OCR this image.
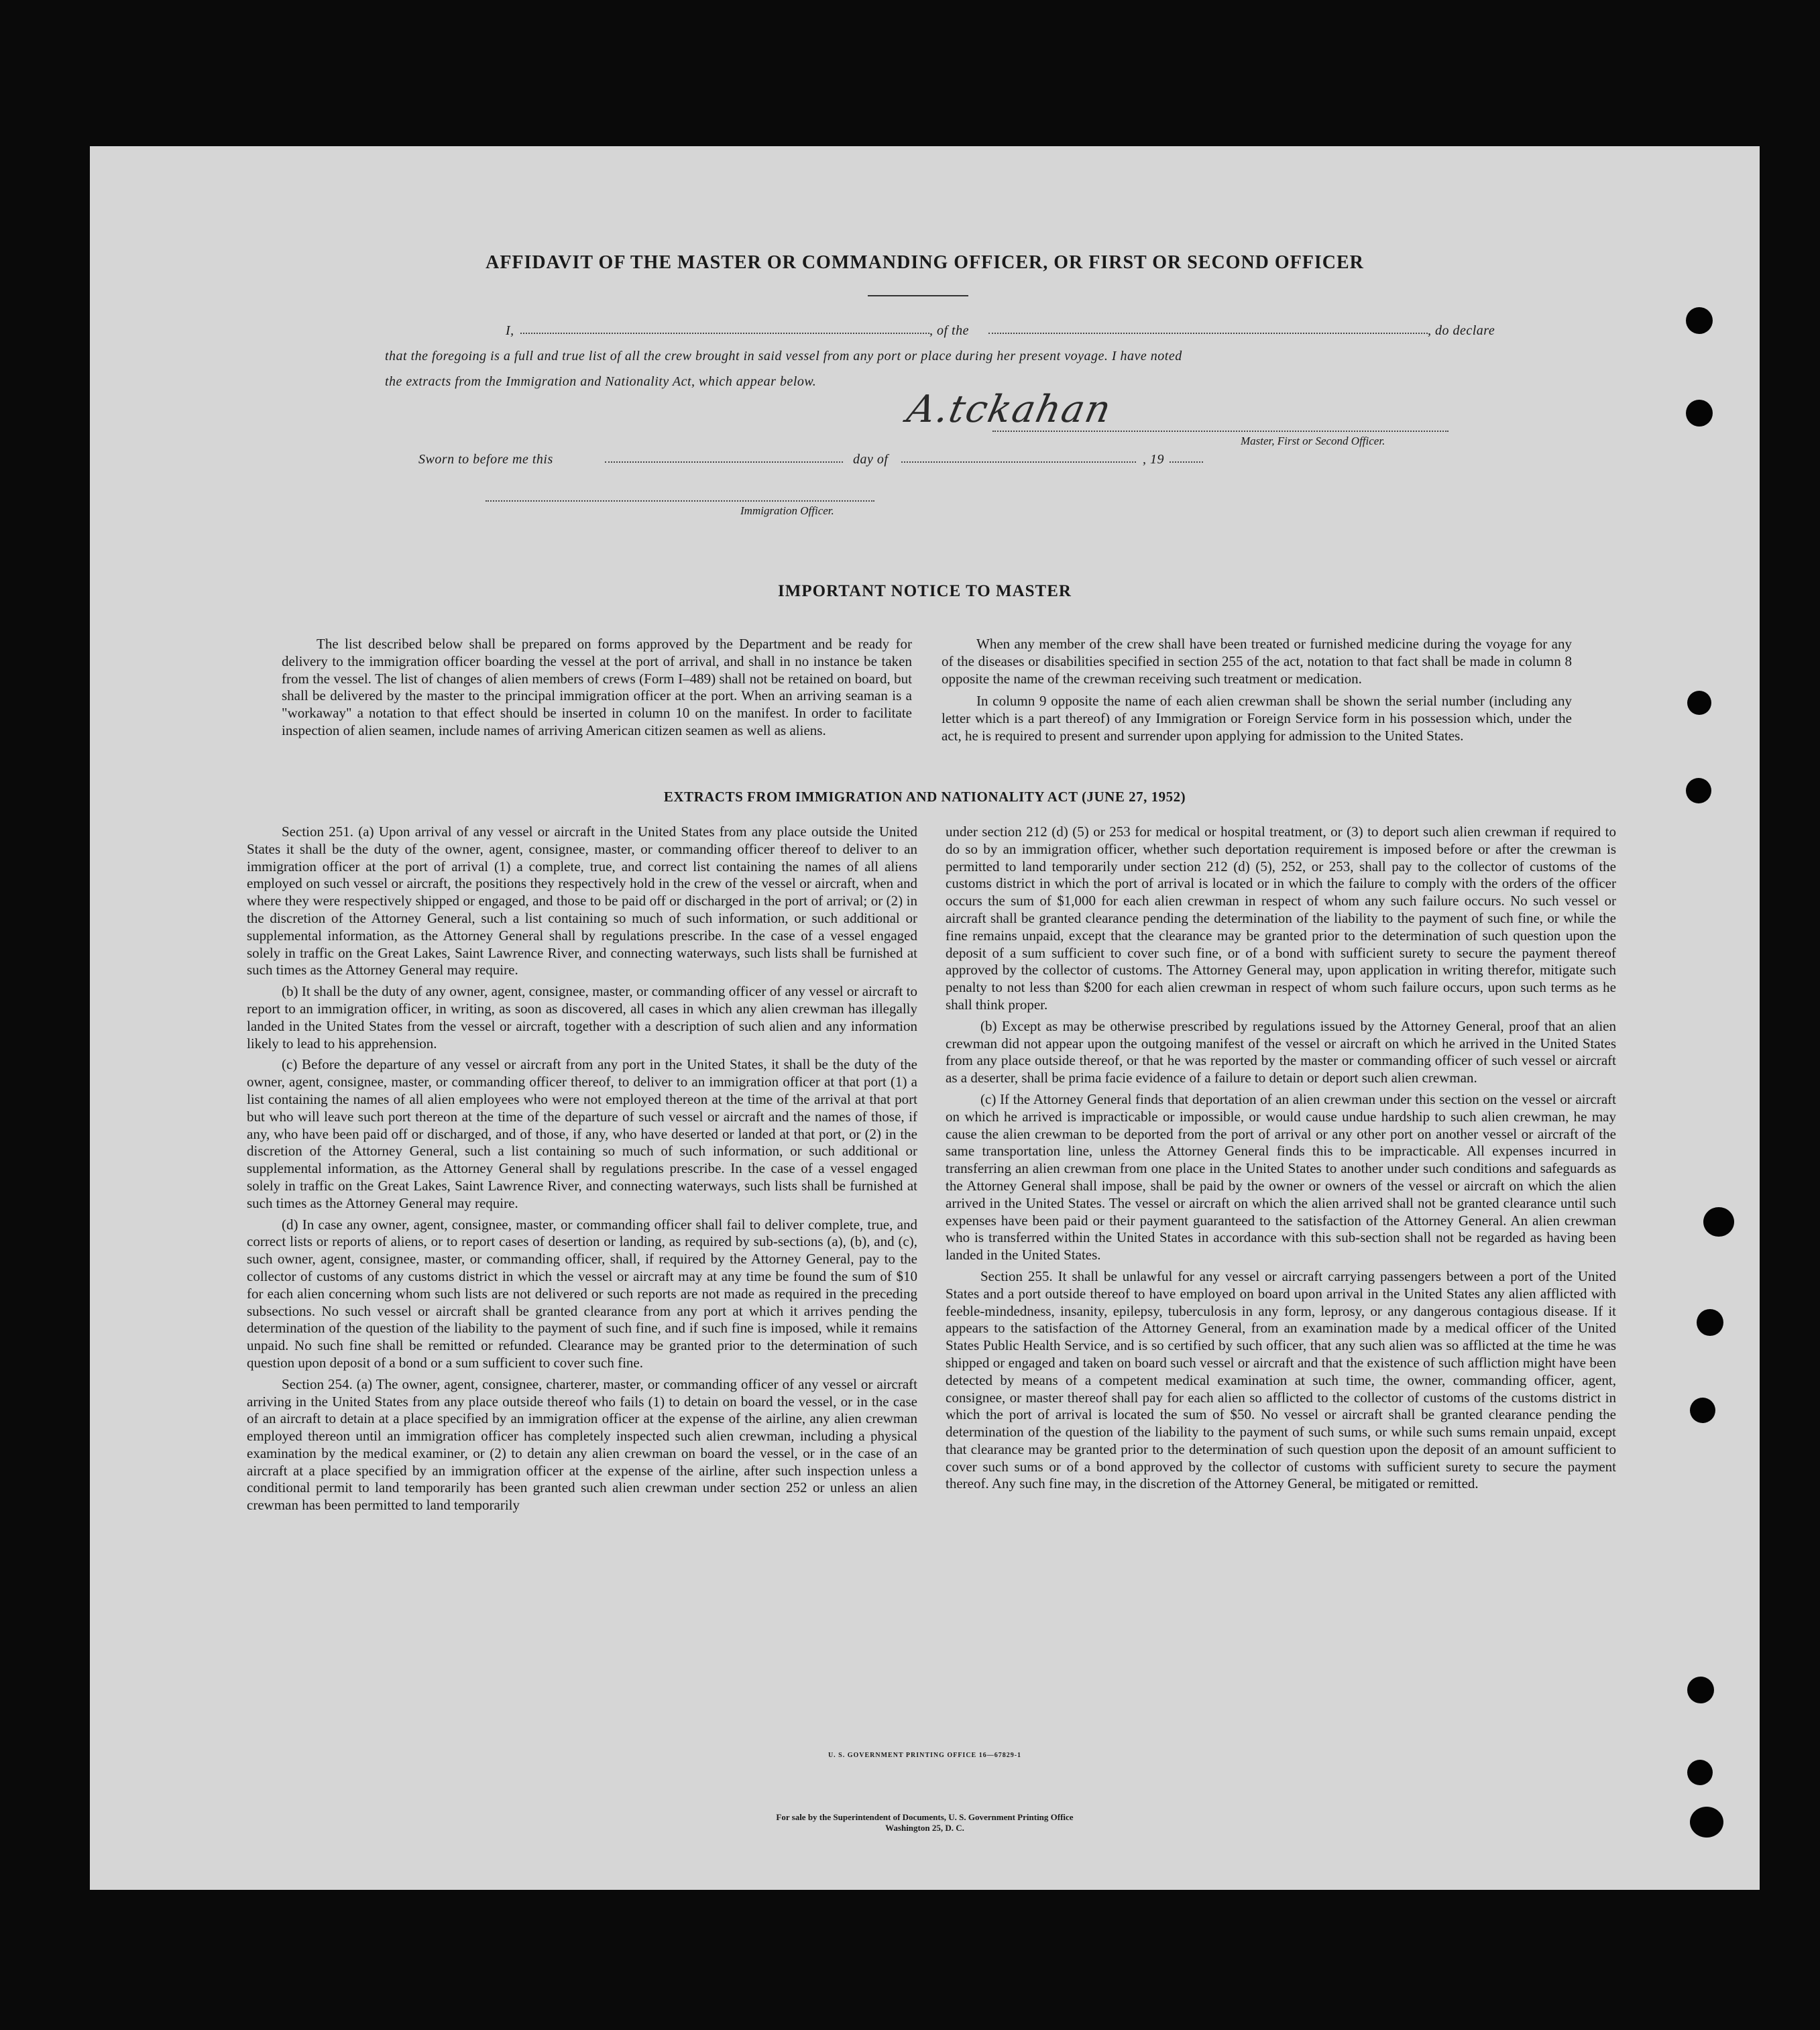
AFFIDAVIT OF THE MASTER OR COMMANDING OFFICER, OR FIRST OR SECOND OFFICER
I,	, of the	, do declare
that the foregoing is a full and true list of all the crew brought in said vessel from any port or place during her present voyage. I have noted
the extracts from the Immigration and Nationality Act, which appear below.
A.tckahan
Master, First or Second Officer.
Sworn to before me this	day of	, 19
Immigration Officer.
IMPORTANT NOTICE TO MASTER

The list described below shall be prepared on forms approved by the Department and be ready for delivery to the immigration officer boarding the vessel at the port of arrival, and shall in no instance be taken from the vessel. The list of changes of alien members of crews (Form I–489) shall not be retained on board, but shall be delivered by the master to the principal immigration officer at the port. When an arriving seaman is a "workaway" a notation to that effect should be inserted in column 10 on the manifest. In order to facilitate inspection of alien seamen, include names of arriving American citizen seamen as well as aliens.

When any member of the crew shall have been treated or furnished medicine during the voyage for any of the diseases or disabilities specified in section 255 of the act, notation to that fact shall be made in column 8 opposite the name of the crewman receiving such treatment or medication.

In column 9 opposite the name of each alien crewman shall be shown the serial number (including any letter which is a part thereof) of any Immigration or Foreign Service form in his possession which, under the act, he is required to present and surrender upon applying for admission to the United States.

EXTRACTS FROM IMMIGRATION AND NATIONALITY ACT (JUNE 27, 1952)

Section 251. (a) Upon arrival of any vessel or aircraft in the United States from any place outside the United States it shall be the duty of the owner, agent, consignee, master, or commanding officer thereof to deliver to an immigration officer at the port of arrival (1) a complete, true, and correct list containing the names of all aliens employed on such vessel or aircraft, the positions they respectively hold in the crew of the vessel or aircraft, when and where they were respectively shipped or engaged, and those to be paid off or discharged in the port of arrival; or (2) in the discretion of the Attorney General, such a list containing so much of such information, or such additional or supplemental information, as the Attorney General shall by regulations prescribe. In the case of a vessel engaged solely in traffic on the Great Lakes, Saint Lawrence River, and connecting waterways, such lists shall be furnished at such times as the Attorney General may require.

(b) It shall be the duty of any owner, agent, consignee, master, or commanding officer of any vessel or aircraft to report to an immigration officer, in writing, as soon as discovered, all cases in which any alien crewman has illegally landed in the United States from the vessel or aircraft, together with a description of such alien and any information likely to lead to his apprehension.

(c) Before the departure of any vessel or aircraft from any port in the United States, it shall be the duty of the owner, agent, consignee, master, or commanding officer thereof, to deliver to an immigration officer at that port (1) a list containing the names of all alien employees who were not employed thereon at the time of the arrival at that port but who will leave such port thereon at the time of the departure of such vessel or aircraft and the names of those, if any, who have been paid off or discharged, and of those, if any, who have deserted or landed at that port, or (2) in the discretion of the Attorney General, such a list containing so much of such information, or such additional or supplemental information, as the Attorney General shall by regulations prescribe. In the case of a vessel engaged solely in traffic on the Great Lakes, Saint Lawrence River, and connecting waterways, such lists shall be furnished at such times as the Attorney General may require.

(d) In case any owner, agent, consignee, master, or commanding officer shall fail to deliver complete, true, and correct lists or reports of aliens, or to report cases of desertion or landing, as required by sub-sections (a), (b), and (c), such owner, agent, consignee, master, or commanding officer, shall, if required by the Attorney General, pay to the collector of customs of any customs district in which the vessel or aircraft may at any time be found the sum of $10 for each alien concerning whom such lists are not delivered or such reports are not made as required in the preceding subsections. No such vessel or aircraft shall be granted clearance from any port at which it arrives pending the determination of the question of the liability to the payment of such fine, and if such fine is imposed, while it remains unpaid. No such fine shall be remitted or refunded. Clearance may be granted prior to the determination of such question upon deposit of a bond or a sum sufficient to cover such fine.

Section 254. (a) The owner, agent, consignee, charterer, master, or commanding officer of any vessel or aircraft arriving in the United States from any place outside thereof who fails (1) to detain on board the vessel, or in the case of an aircraft to detain at a place specified by an immigration officer at the expense of the airline, any alien crewman employed thereon until an immigration officer has completely inspected such alien crewman, including a physical examination by the medical examiner, or (2) to detain any alien crewman on board the vessel, or in the case of an aircraft at a place specified by an immigration officer at the expense of the airline, after such inspection unless a conditional permit to land temporarily has been granted such alien crewman under section 252 or unless an alien crewman has been permitted to land temporarily

under section 212 (d) (5) or 253 for medical or hospital treatment, or (3) to deport such alien crewman if required to do so by an immigration officer, whether such deportation requirement is imposed before or after the crewman is permitted to land temporarily under section 212 (d) (5), 252, or 253, shall pay to the collector of customs of the customs district in which the port of arrival is located or in which the failure to comply with the orders of the officer occurs the sum of $1,000 for each alien crewman in respect of whom any such failure occurs. No such vessel or aircraft shall be granted clearance pending the determination of the liability to the payment of such fine, or while the fine remains unpaid, except that the clearance may be granted prior to the determination of such question upon the deposit of a sum sufficient to cover such fine, or of a bond with sufficient surety to secure the payment thereof approved by the collector of customs. The Attorney General may, upon application in writing therefor, mitigate such penalty to not less than $200 for each alien crewman in respect of whom such failure occurs, upon such terms as he shall think proper.

(b) Except as may be otherwise prescribed by regulations issued by the Attorney General, proof that an alien crewman did not appear upon the outgoing manifest of the vessel or aircraft on which he arrived in the United States from any place outside thereof, or that he was reported by the master or commanding officer of such vessel or aircraft as a deserter, shall be prima facie evidence of a failure to detain or deport such alien crewman.

(c) If the Attorney General finds that deportation of an alien crewman under this section on the vessel or aircraft on which he arrived is impracticable or impossible, or would cause undue hardship to such alien crewman, he may cause the alien crewman to be deported from the port of arrival or any other port on another vessel or aircraft of the same transportation line, unless the Attorney General finds this to be impracticable. All expenses incurred in transferring an alien crewman from one place in the United States to another under such conditions and safeguards as the Attorney General shall impose, shall be paid by the owner or owners of the vessel or aircraft on which the alien arrived in the United States. The vessel or aircraft on which the alien arrived shall not be granted clearance until such expenses have been paid or their payment guaranteed to the satisfaction of the Attorney General. An alien crewman who is transferred within the United States in accordance with this sub-section shall not be regarded as having been landed in the United States.

Section 255. It shall be unlawful for any vessel or aircraft carrying passengers between a port of the United States and a port outside thereof to have employed on board upon arrival in the United States any alien afflicted with feeble-mindedness, insanity, epilepsy, tuberculosis in any form, leprosy, or any dangerous contagious disease. If it appears to the satisfaction of the Attorney General, from an examination made by a medical officer of the United States Public Health Service, and is so certified by such officer, that any such alien was so afflicted at the time he was shipped or engaged and taken on board such vessel or aircraft and that the existence of such affliction might have been detected by means of a competent medical examination at such time, the owner, commanding officer, agent, consignee, or master thereof shall pay for each alien so afflicted to the collector of customs of the customs district in which the port of arrival is located the sum of $50. No vessel or aircraft shall be granted clearance pending the determination of the question of the liability to the payment of such sums, or while such sums remain unpaid, except that clearance may be granted prior to the determination of such question upon the deposit of an amount sufficient to cover such sums or of a bond approved by the collector of customs with sufficient surety to secure the payment thereof. Any such fine may, in the discretion of the Attorney General, be mitigated or remitted.

U. S. GOVERNMENT PRINTING OFFICE 16—67829-1
For sale by the Superintendent of Documents, U. S. Government Printing Office
Washington 25, D. C.
